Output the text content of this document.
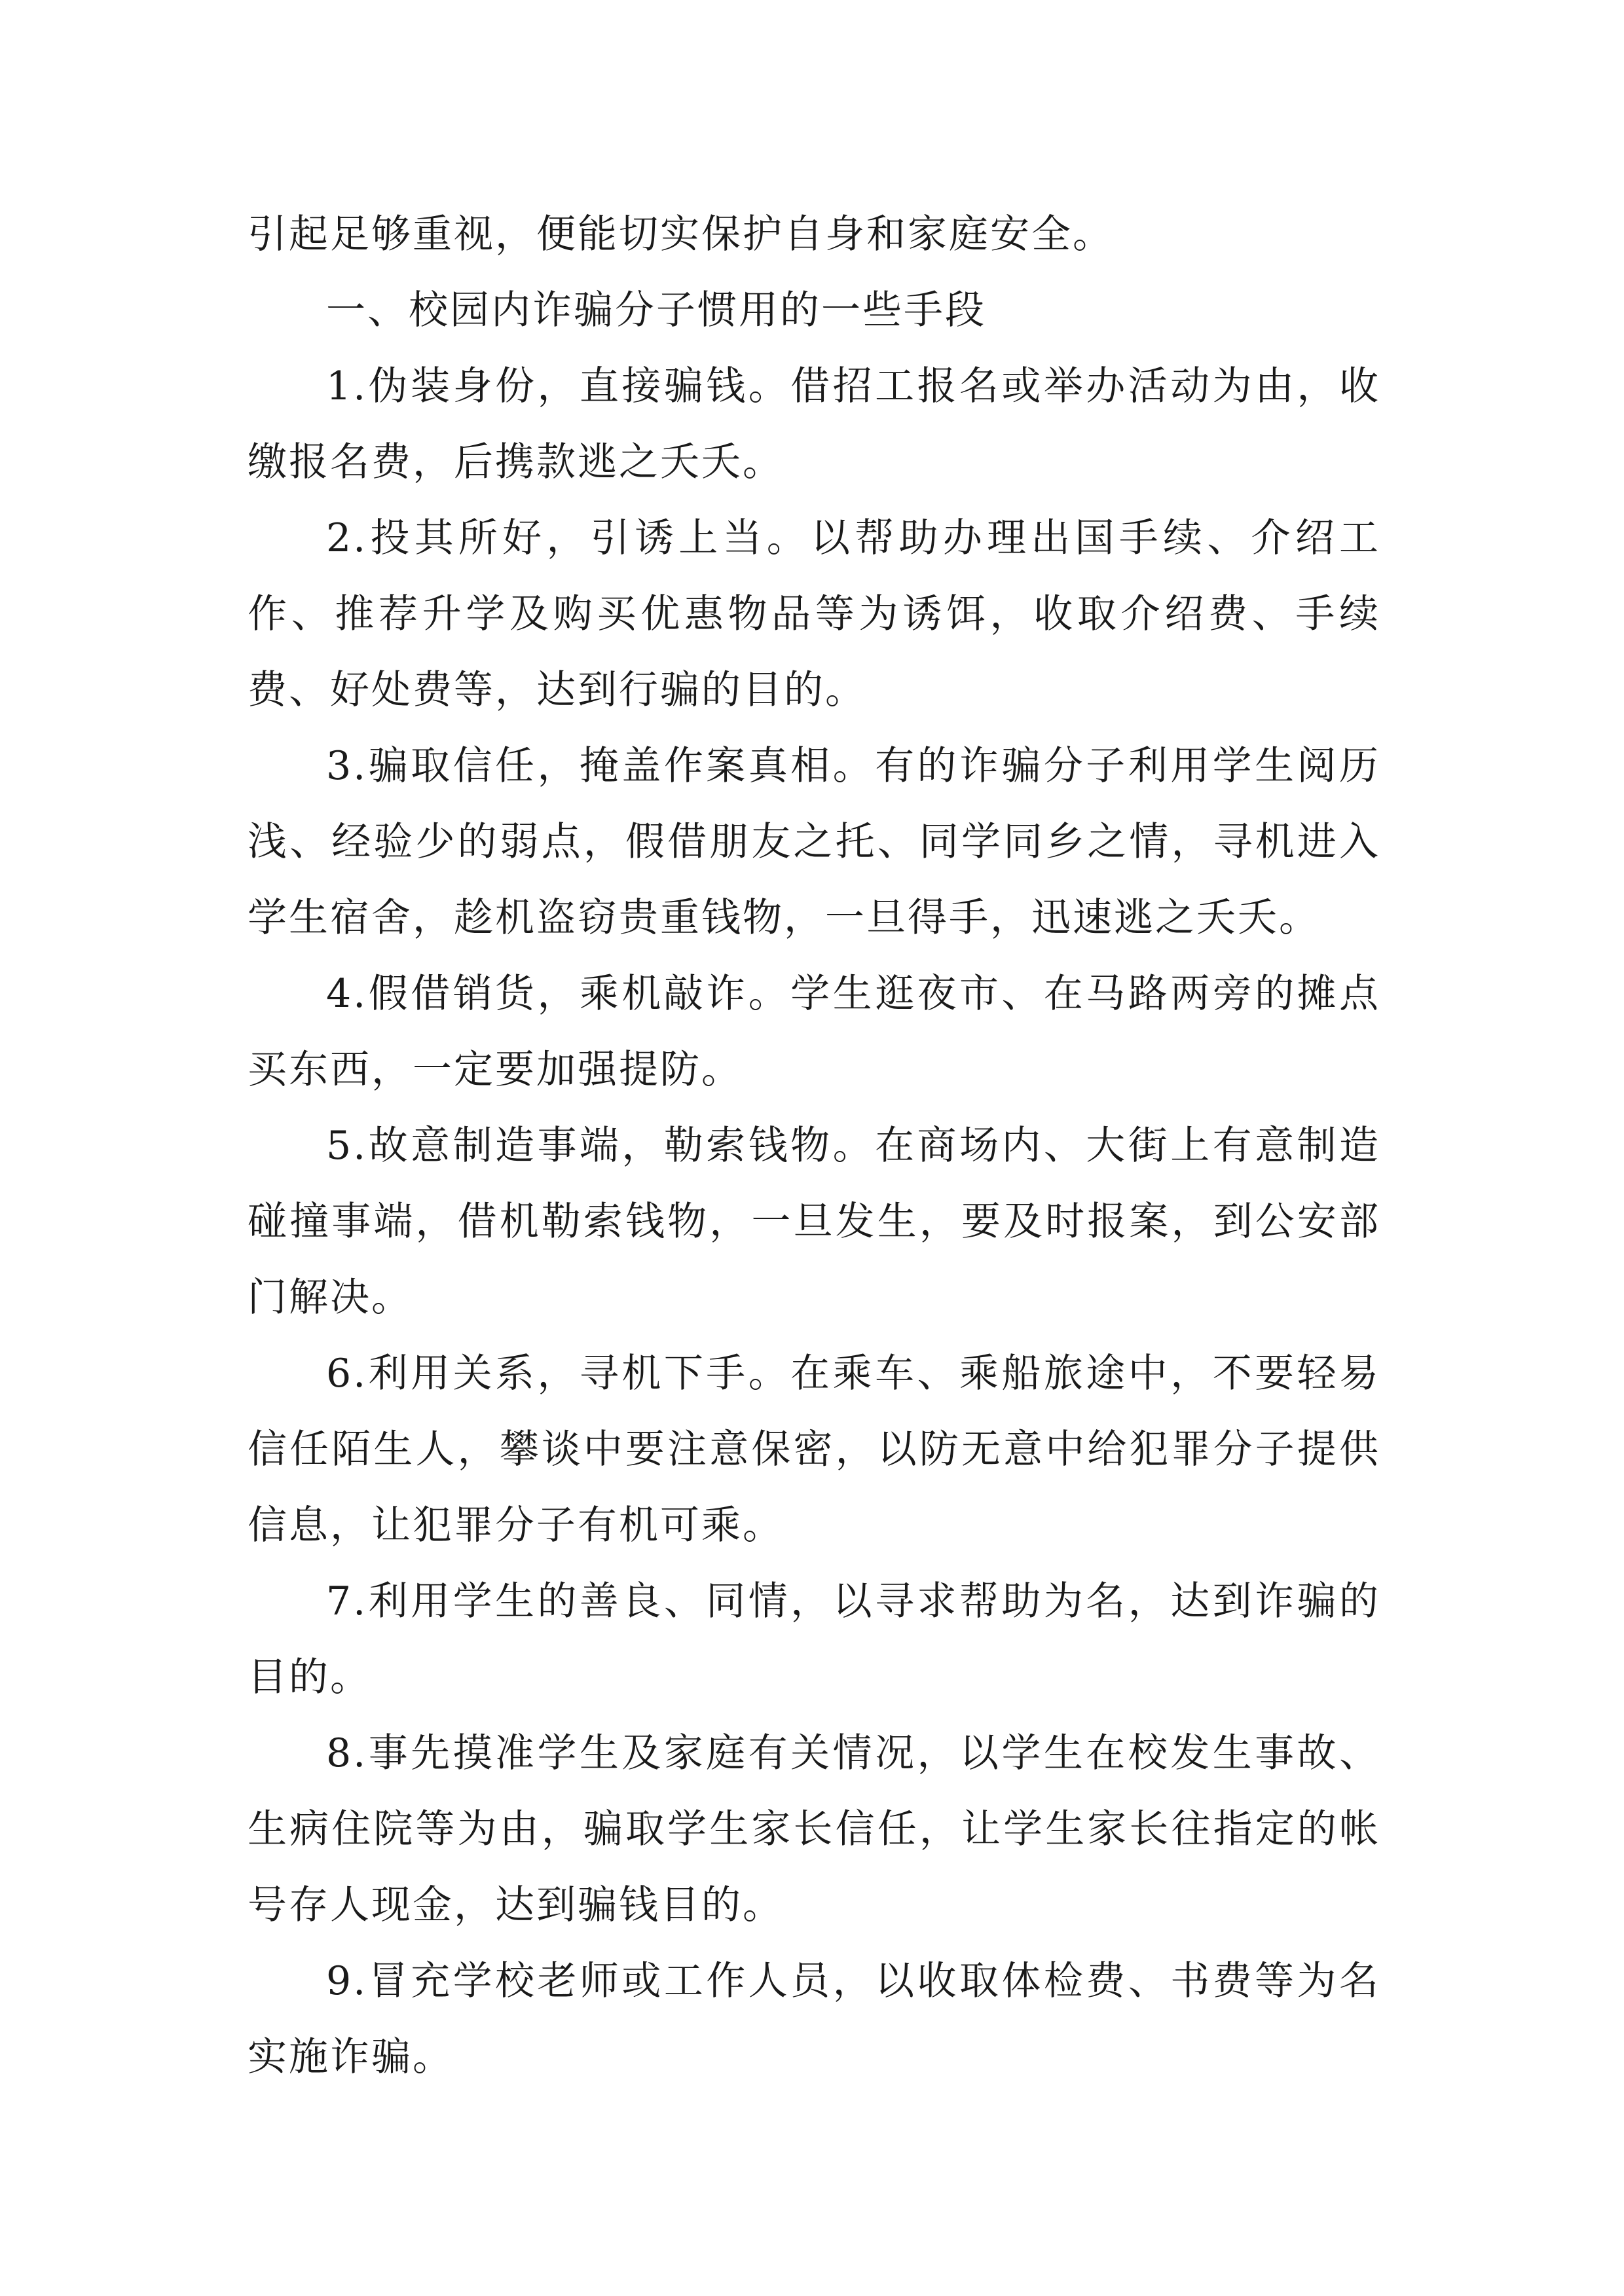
引起足够重视，便能切实保护自身和家庭安全。

一、校园内诈骗分子惯用的一些手段

1.伪装身份，直接骗钱。借招工报名或举办活动为由，收缴报名费，后携款逃之夭夭。

2.投其所好，引诱上当。以帮助办理出国手续、介绍工作、推荐升学及购买优惠物品等为诱饵，收取介绍费、手续费、好处费等，达到行骗的目的。

3.骗取信任，掩盖作案真相。有的诈骗分子利用学生阅历浅、经验少的弱点，假借朋友之托、同学同乡之情，寻机进入学生宿舍，趁机盗窃贵重钱物，一旦得手，迅速逃之夭夭。

4.假借销货，乘机敲诈。学生逛夜市、在马路两旁的摊点买东西，一定要加强提防。

5.故意制造事端，勒索钱物。在商场内、大街上有意制造碰撞事端，借机勒索钱物，一旦发生，要及时报案，到公安部门解决。

6.利用关系，寻机下手。在乘车、乘船旅途中，不要轻易信任陌生人，攀谈中要注意保密，以防无意中给犯罪分子提供信息，让犯罪分子有机可乘。

7.利用学生的善良、同情，以寻求帮助为名，达到诈骗的目的。

8.事先摸准学生及家庭有关情况，以学生在校发生事故、生病住院等为由，骗取学生家长信任，让学生家长往指定的帐号存人现金，达到骗钱目的。

9.冒充学校老师或工作人员，以收取体检费、书费等为名实施诈骗。
